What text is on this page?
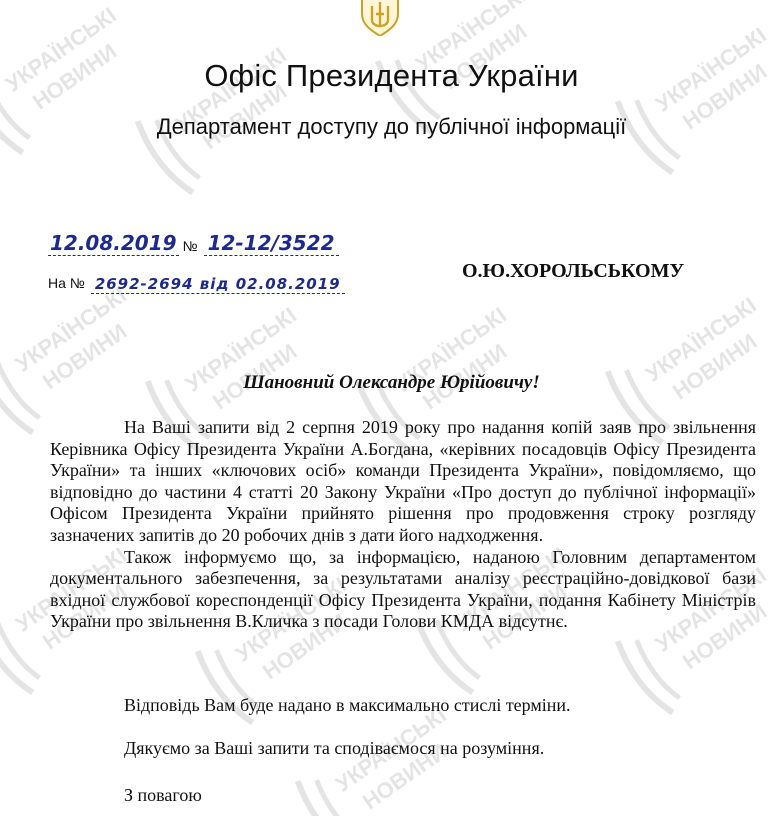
Офіс Президента України
Департамент доступу до публічної інформації
12.08.2019 № 12-12/3522
На № 2692-2694 від 02.08.2019
О.Ю.ХОРОЛЬСЬКОМУ
Шановний Олександре Юрійовичу!

На Ваші запити від 2 серпня 2019 року про надання копій заяв про звільнення Керівника Офісу Президента України А.Богдана, «керівних посадовців Офісу Президента України» та інших «ключових осіб» команди Президента України», повідомляємо, що відповідно до частини 4 статті 20 Закону України «Про доступ до публічної інформації» Офісом Президента України прийнято рішення про продовження строку розгляду зазначених запитів до 20 робочих днів з дати його надходження.

Також інформуємо що, за інформацією, наданою Головним департаментом документального забезпечення, за результатами аналізу реєстраційно-довідкової бази вхідної службової кореспонденції Офісу Президента України, подання Кабінету Міністрів України про звільнення В.Кличка з посади Голови КМДА відсутнє.

Відповідь Вам буде надано в максимально стислі терміни.

Дякуємо за Ваші запити та сподіваємося на розуміння.

З повагою
